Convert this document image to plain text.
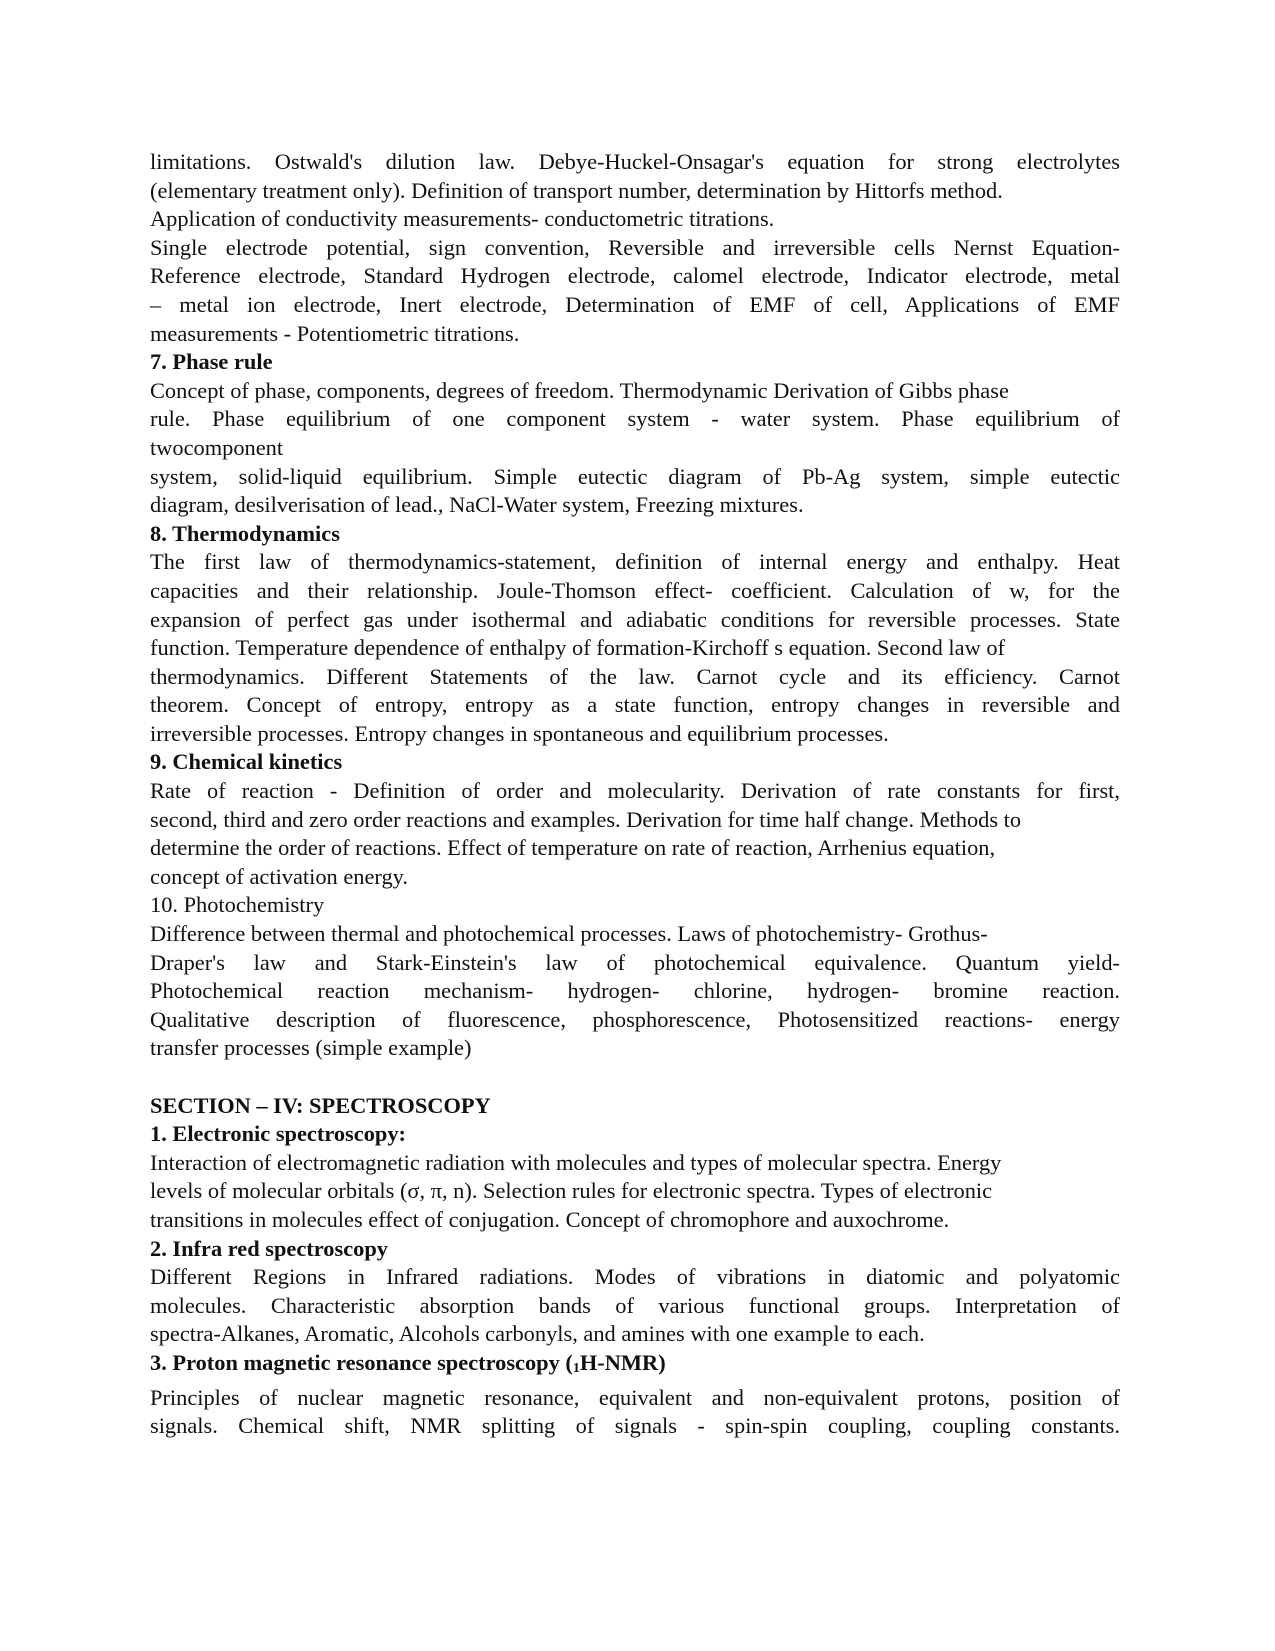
limitations. Ostwald's dilution law. Debye-Huckel-Onsagar's equation for strong electrolytes
(elementary treatment only). Definition of transport number, determination by Hittorfs method.
Application of conductivity measurements- conductometric titrations.
Single electrode potential, sign convention, Reversible and irreversible cells Nernst Equation-
Reference electrode, Standard Hydrogen electrode, calomel electrode, Indicator electrode, metal
– metal ion electrode, Inert electrode, Determination of EMF of cell, Applications of EMF
measurements - Potentiometric titrations.
7. Phase rule
Concept of phase, components, degrees of freedom. Thermodynamic Derivation of Gibbs phase
rule. Phase equilibrium of one component system - water system. Phase equilibrium of
twocomponent
system, solid-liquid equilibrium. Simple eutectic diagram of Pb-Ag system, simple eutectic
diagram, desilverisation of lead., NaCl-Water system, Freezing mixtures.
8. Thermodynamics
The first law of thermodynamics-statement, definition of internal energy and enthalpy. Heat
capacities and their relationship. Joule-Thomson effect- coefficient. Calculation of w, for the
expansion of perfect gas under isothermal and adiabatic conditions for reversible processes. State
function. Temperature dependence of enthalpy of formation-Kirchoff s equation. Second law of
thermodynamics. Different Statements of the law. Carnot cycle and its efficiency. Carnot
theorem. Concept of entropy, entropy as a state function, entropy changes in reversible and
irreversible processes. Entropy changes in spontaneous and equilibrium processes.
9. Chemical kinetics
Rate of reaction - Definition of order and molecularity. Derivation of rate constants for first,
second, third and zero order reactions and examples. Derivation for time half change. Methods to
determine the order of reactions. Effect of temperature on rate of reaction, Arrhenius equation,
concept of activation energy.
10. Photochemistry
Difference between thermal and photochemical processes. Laws of photochemistry- Grothus-
Draper's law and Stark-Einstein's law of photochemical equivalence. Quantum yield-
Photochemical reaction mechanism- hydrogen- chlorine, hydrogen- bromine reaction.
Qualitative description of fluorescence, phosphorescence, Photosensitized reactions- energy
transfer processes (simple example)
SECTION – IV: SPECTROSCOPY
1. Electronic spectroscopy:
Interaction of electromagnetic radiation with molecules and types of molecular spectra. Energy
levels of molecular orbitals (σ, π, n). Selection rules for electronic spectra. Types of electronic
transitions in molecules effect of conjugation. Concept of chromophore and auxochrome.
2. Infra red spectroscopy
Different Regions in Infrared radiations. Modes of vibrations in diatomic and polyatomic
molecules. Characteristic absorption bands of various functional groups. Interpretation of
spectra-Alkanes, Aromatic, Alcohols carbonyls, and amines with one example to each.
3. Proton magnetic resonance spectroscopy $(_1H-NMR)$
Principles of nuclear magnetic resonance, equivalent and non-equivalent protons, position of
signals. Chemical shift, NMR splitting of signals - spin-spin coupling, coupling constants.
